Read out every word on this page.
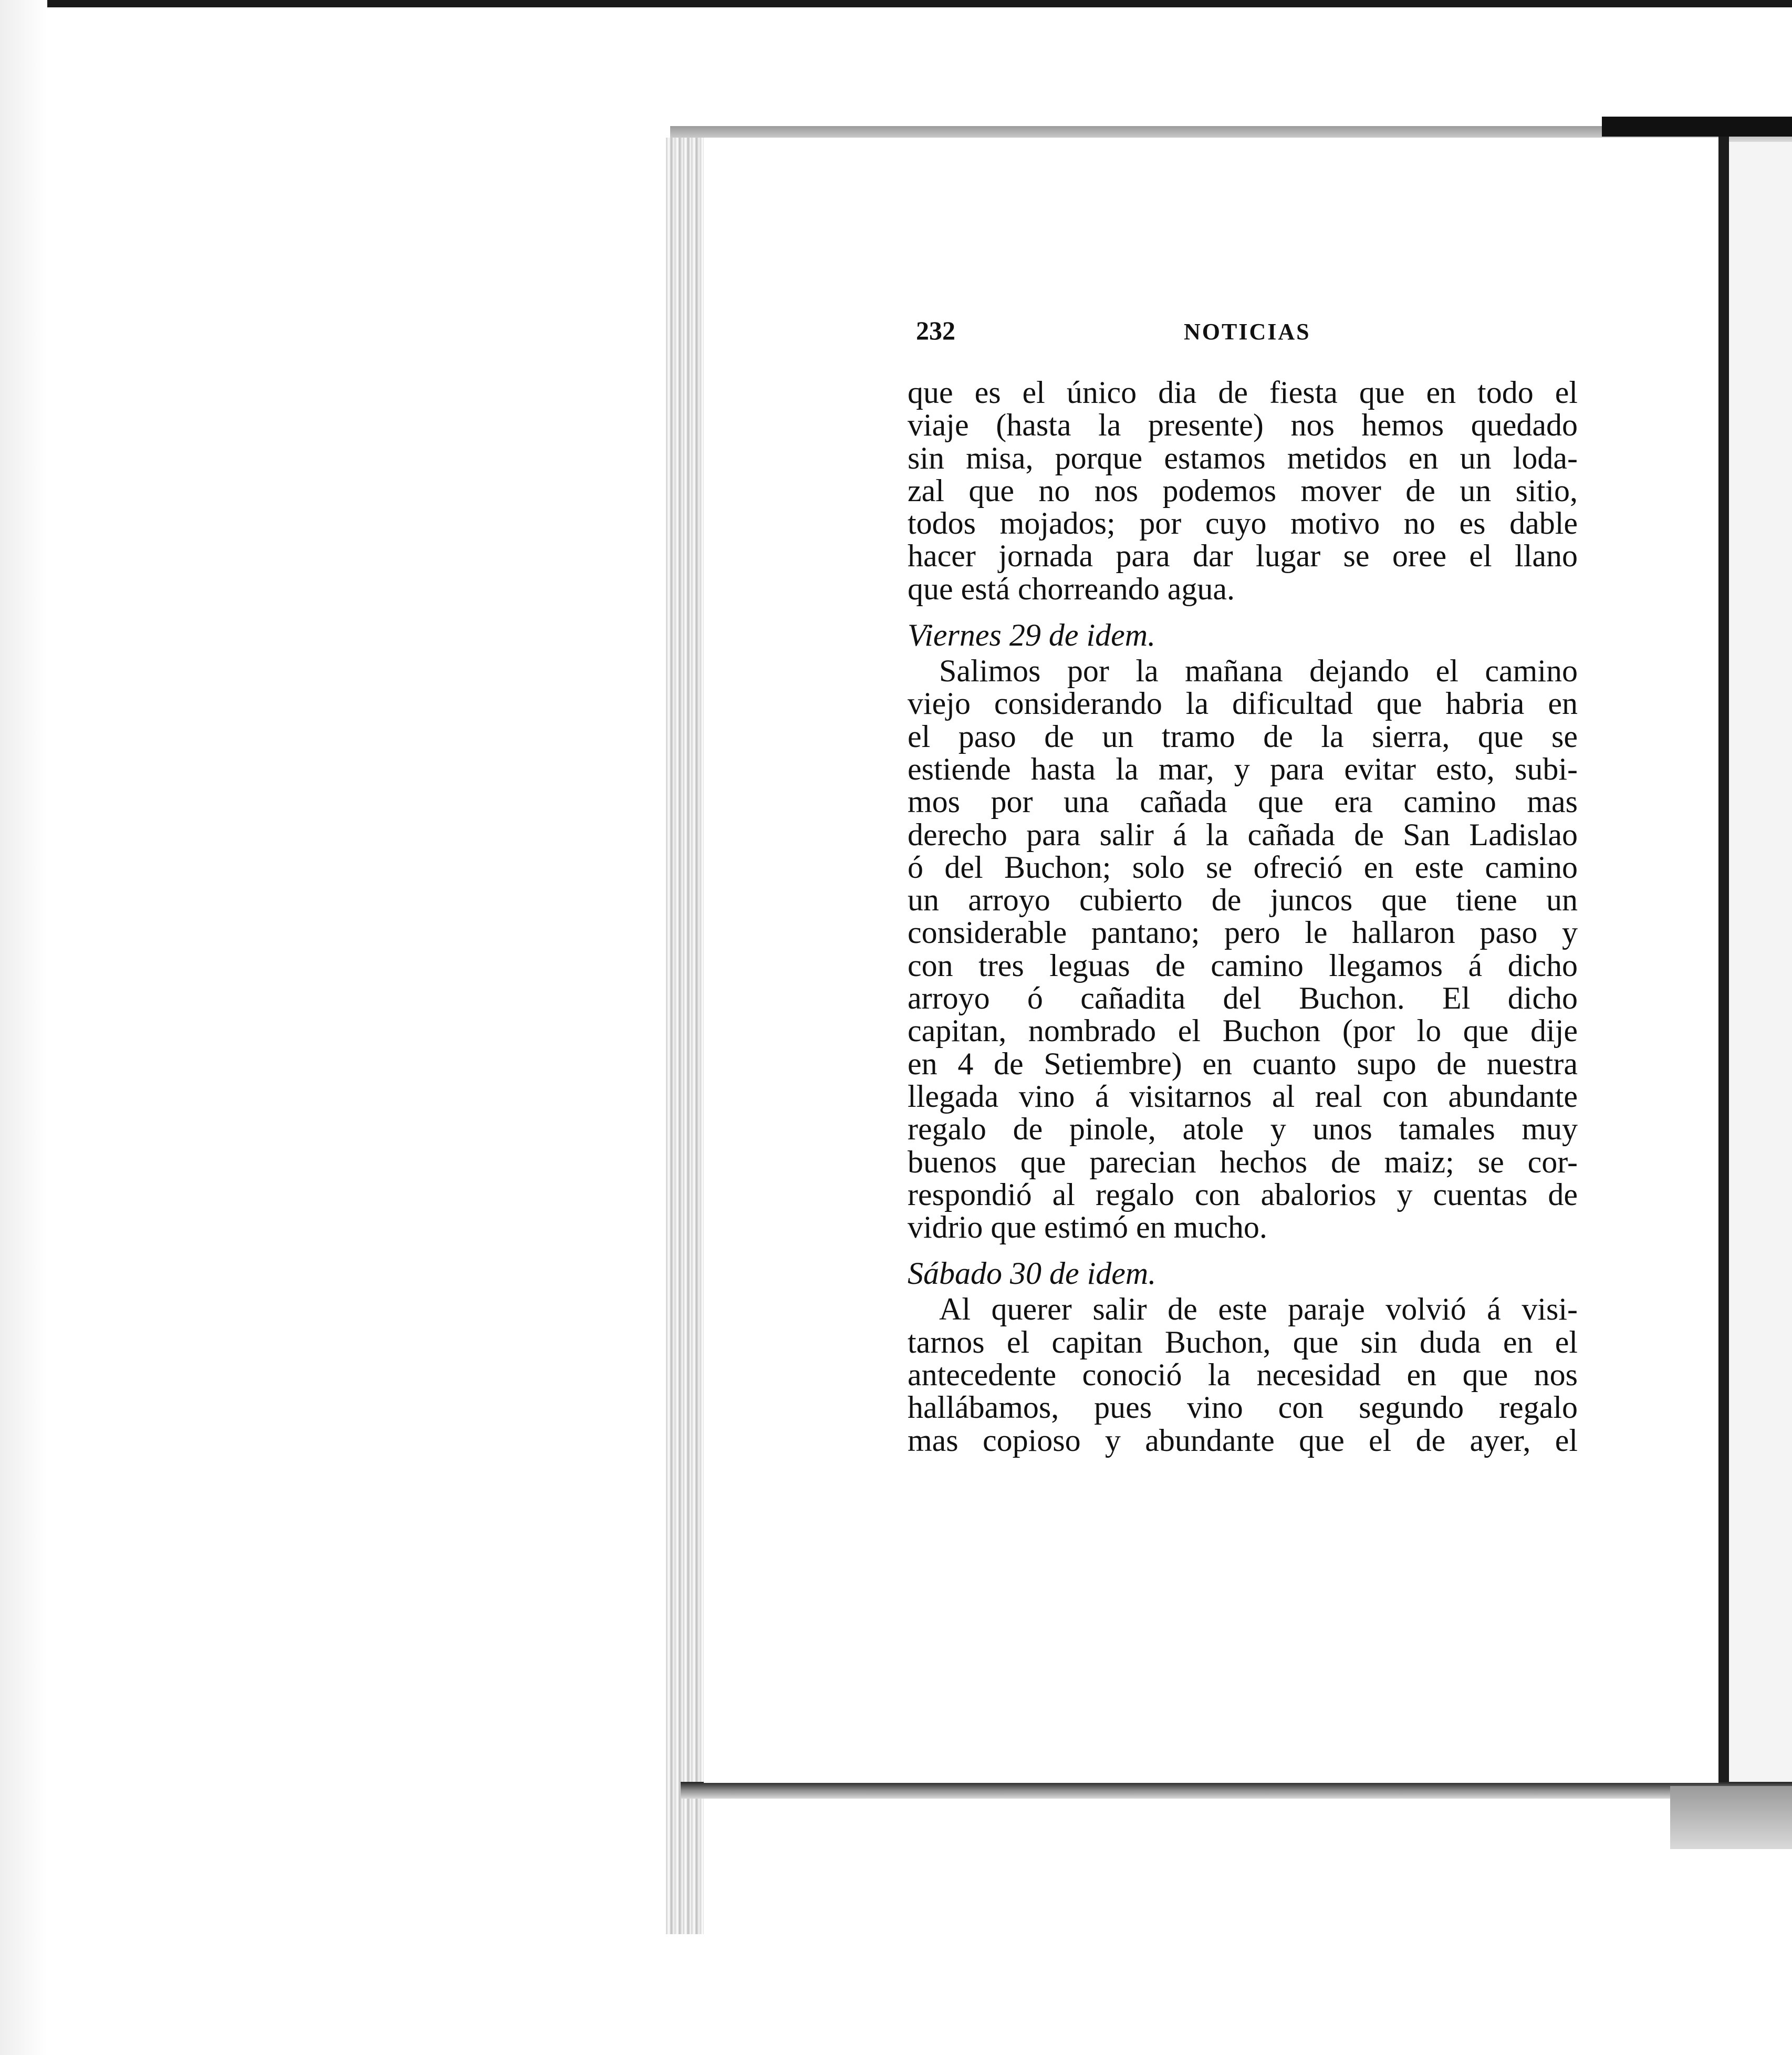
232	NOTICIAS
que es el único dia de fiesta que en todo el
viaje (hasta la presente) nos hemos quedado
sin misa, porque estamos metidos en un loda-
zal que no nos podemos mover de un sitio,
todos mojados; por cuyo motivo no es dable
hacer jornada para dar lugar se oree el llano
que está chorreando agua.
Viernes 29 de idem.
Salimos por la mañana dejando el camino
viejo considerando la dificultad que habria en
el paso de un tramo de la sierra, que se
estiende hasta la mar, y para evitar esto, subi-
mos por una cañada que era camino mas
derecho para salir á la cañada de San Ladislao
ó del Buchon; solo se ofreció en este camino
un arroyo cubierto de juncos que tiene un
considerable pantano; pero le hallaron paso y
con tres leguas de camino llegamos á dicho
arroyo ó cañadita del Buchon. El dicho
capitan, nombrado el Buchon (por lo que dije
en 4 de Setiembre) en cuanto supo de nuestra
llegada vino á visitarnos al real con abundante
regalo de pinole, atole y unos tamales muy
buenos que parecian hechos de maiz; se cor-
respondió al regalo con abalorios y cuentas de
vidrio que estimó en mucho.
Sábado 30 de idem.
Al querer salir de este paraje volvió á visi-
tarnos el capitan Buchon, que sin duda en el
antecedente conoció la necesidad en que nos
hallábamos, pues vino con segundo regalo
mas copioso y abundante que el de ayer, el
